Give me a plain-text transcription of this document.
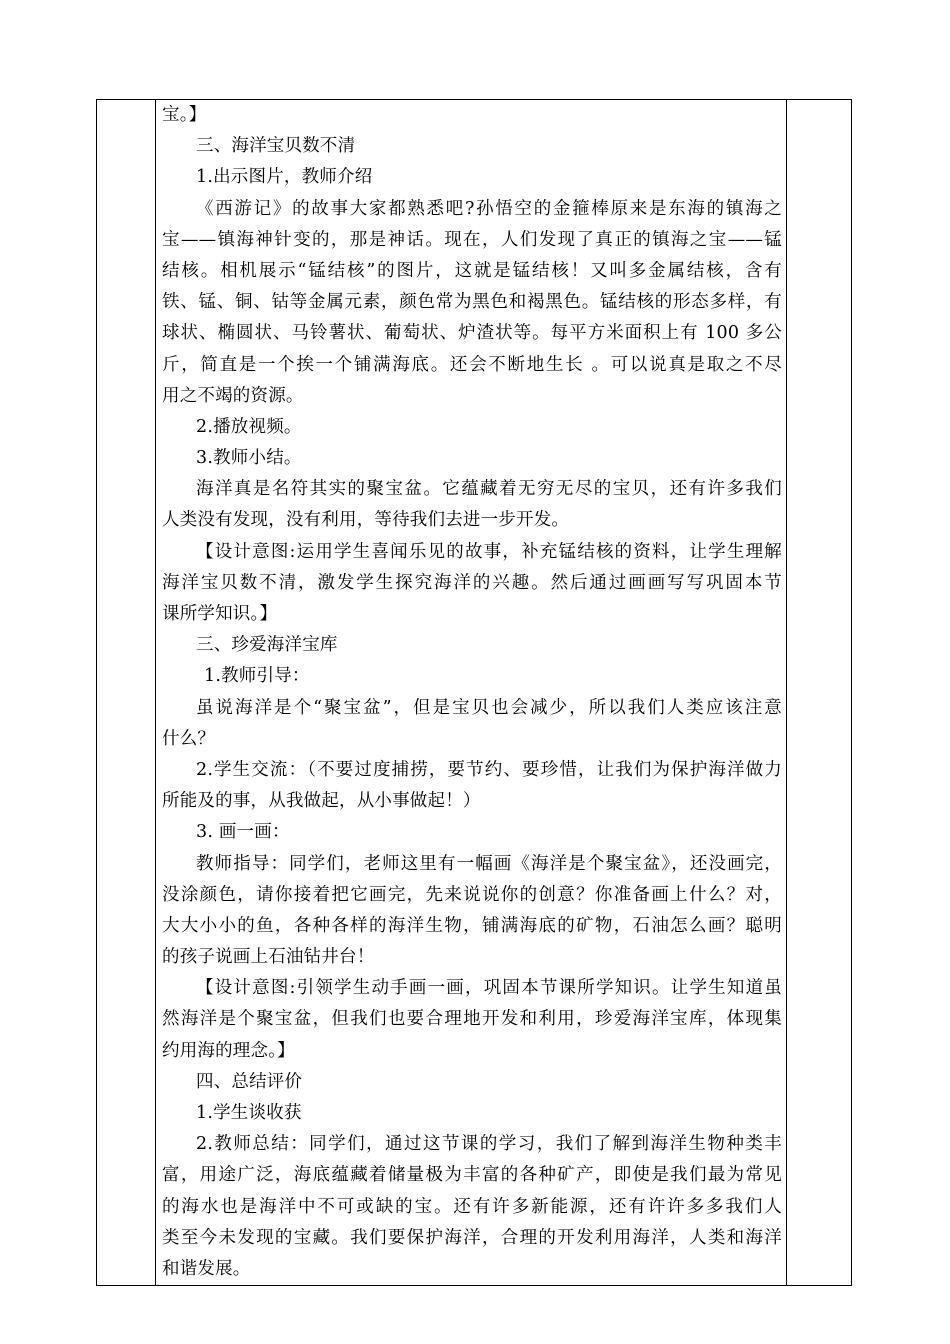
宝。】
三、海洋宝贝数不清
1.出示图片，教师介绍
《西游记》的故事大家都熟悉吧?孙悟空的金箍棒原来是东海的镇海之
宝——镇海神针变的，那是神话。现在，人们发现了真正的镇海之宝——锰
结核。相机展示“锰结核”的图片，这就是锰结核！又叫多金属结核，含有
铁、锰、铜、钴等金属元素，颜色常为黑色和褐黑色。锰结核的形态多样，有
球状、椭圆状、马铃薯状、葡萄状、炉渣状等。每平方米面积上有 100 多公
斤，简直是一个挨一个铺满海底。还会不断地生长 。可以说真是取之不尽
用之不竭的资源。
2.播放视频。
3.教师小结。
海洋真是名符其实的聚宝盆。它蕴藏着无穷无尽的宝贝，还有许多我们
人类没有发现，没有利用，等待我们去进一步开发。
【设计意图:运用学生喜闻乐见的故事，补充锰结核的资料，让学生理解
海洋宝贝数不清，激发学生探究海洋的兴趣。然后通过画画写写巩固本节
课所学知识。】
三、珍爱海洋宝库
1.教师引导：
虽说海洋是个“聚宝盆”，但是宝贝也会减少，所以我们人类应该注意
什么？
2.学生交流：（不要过度捕捞，要节约、要珍惜，让我们为保护海洋做力
所能及的事，从我做起，从小事做起！）
3. 画一画：
教师指导：同学们，老师这里有一幅画《海洋是个聚宝盆》，还没画完，
没涂颜色，请你接着把它画完，先来说说你的创意？你准备画上什么？对，
大大小小的鱼，各种各样的海洋生物，铺满海底的矿物，石油怎么画？聪明
的孩子说画上石油钻井台！
【设计意图:引领学生动手画一画，巩固本节课所学知识。让学生知道虽
然海洋是个聚宝盆，但我们也要合理地开发和利用，珍爱海洋宝库，体现集
约用海的理念。】
四、总结评价
1.学生谈收获
2.教师总结：同学们，通过这节课的学习，我们了解到海洋生物种类丰
富，用途广泛，海底蕴藏着储量极为丰富的各种矿产，即使是我们最为常见
的海水也是海洋中不可或缺的宝。还有许多新能源，还有许许多多我们人
类至今未发现的宝藏。我们要保护海洋，合理的开发利用海洋，人类和海洋
和谐发展。
